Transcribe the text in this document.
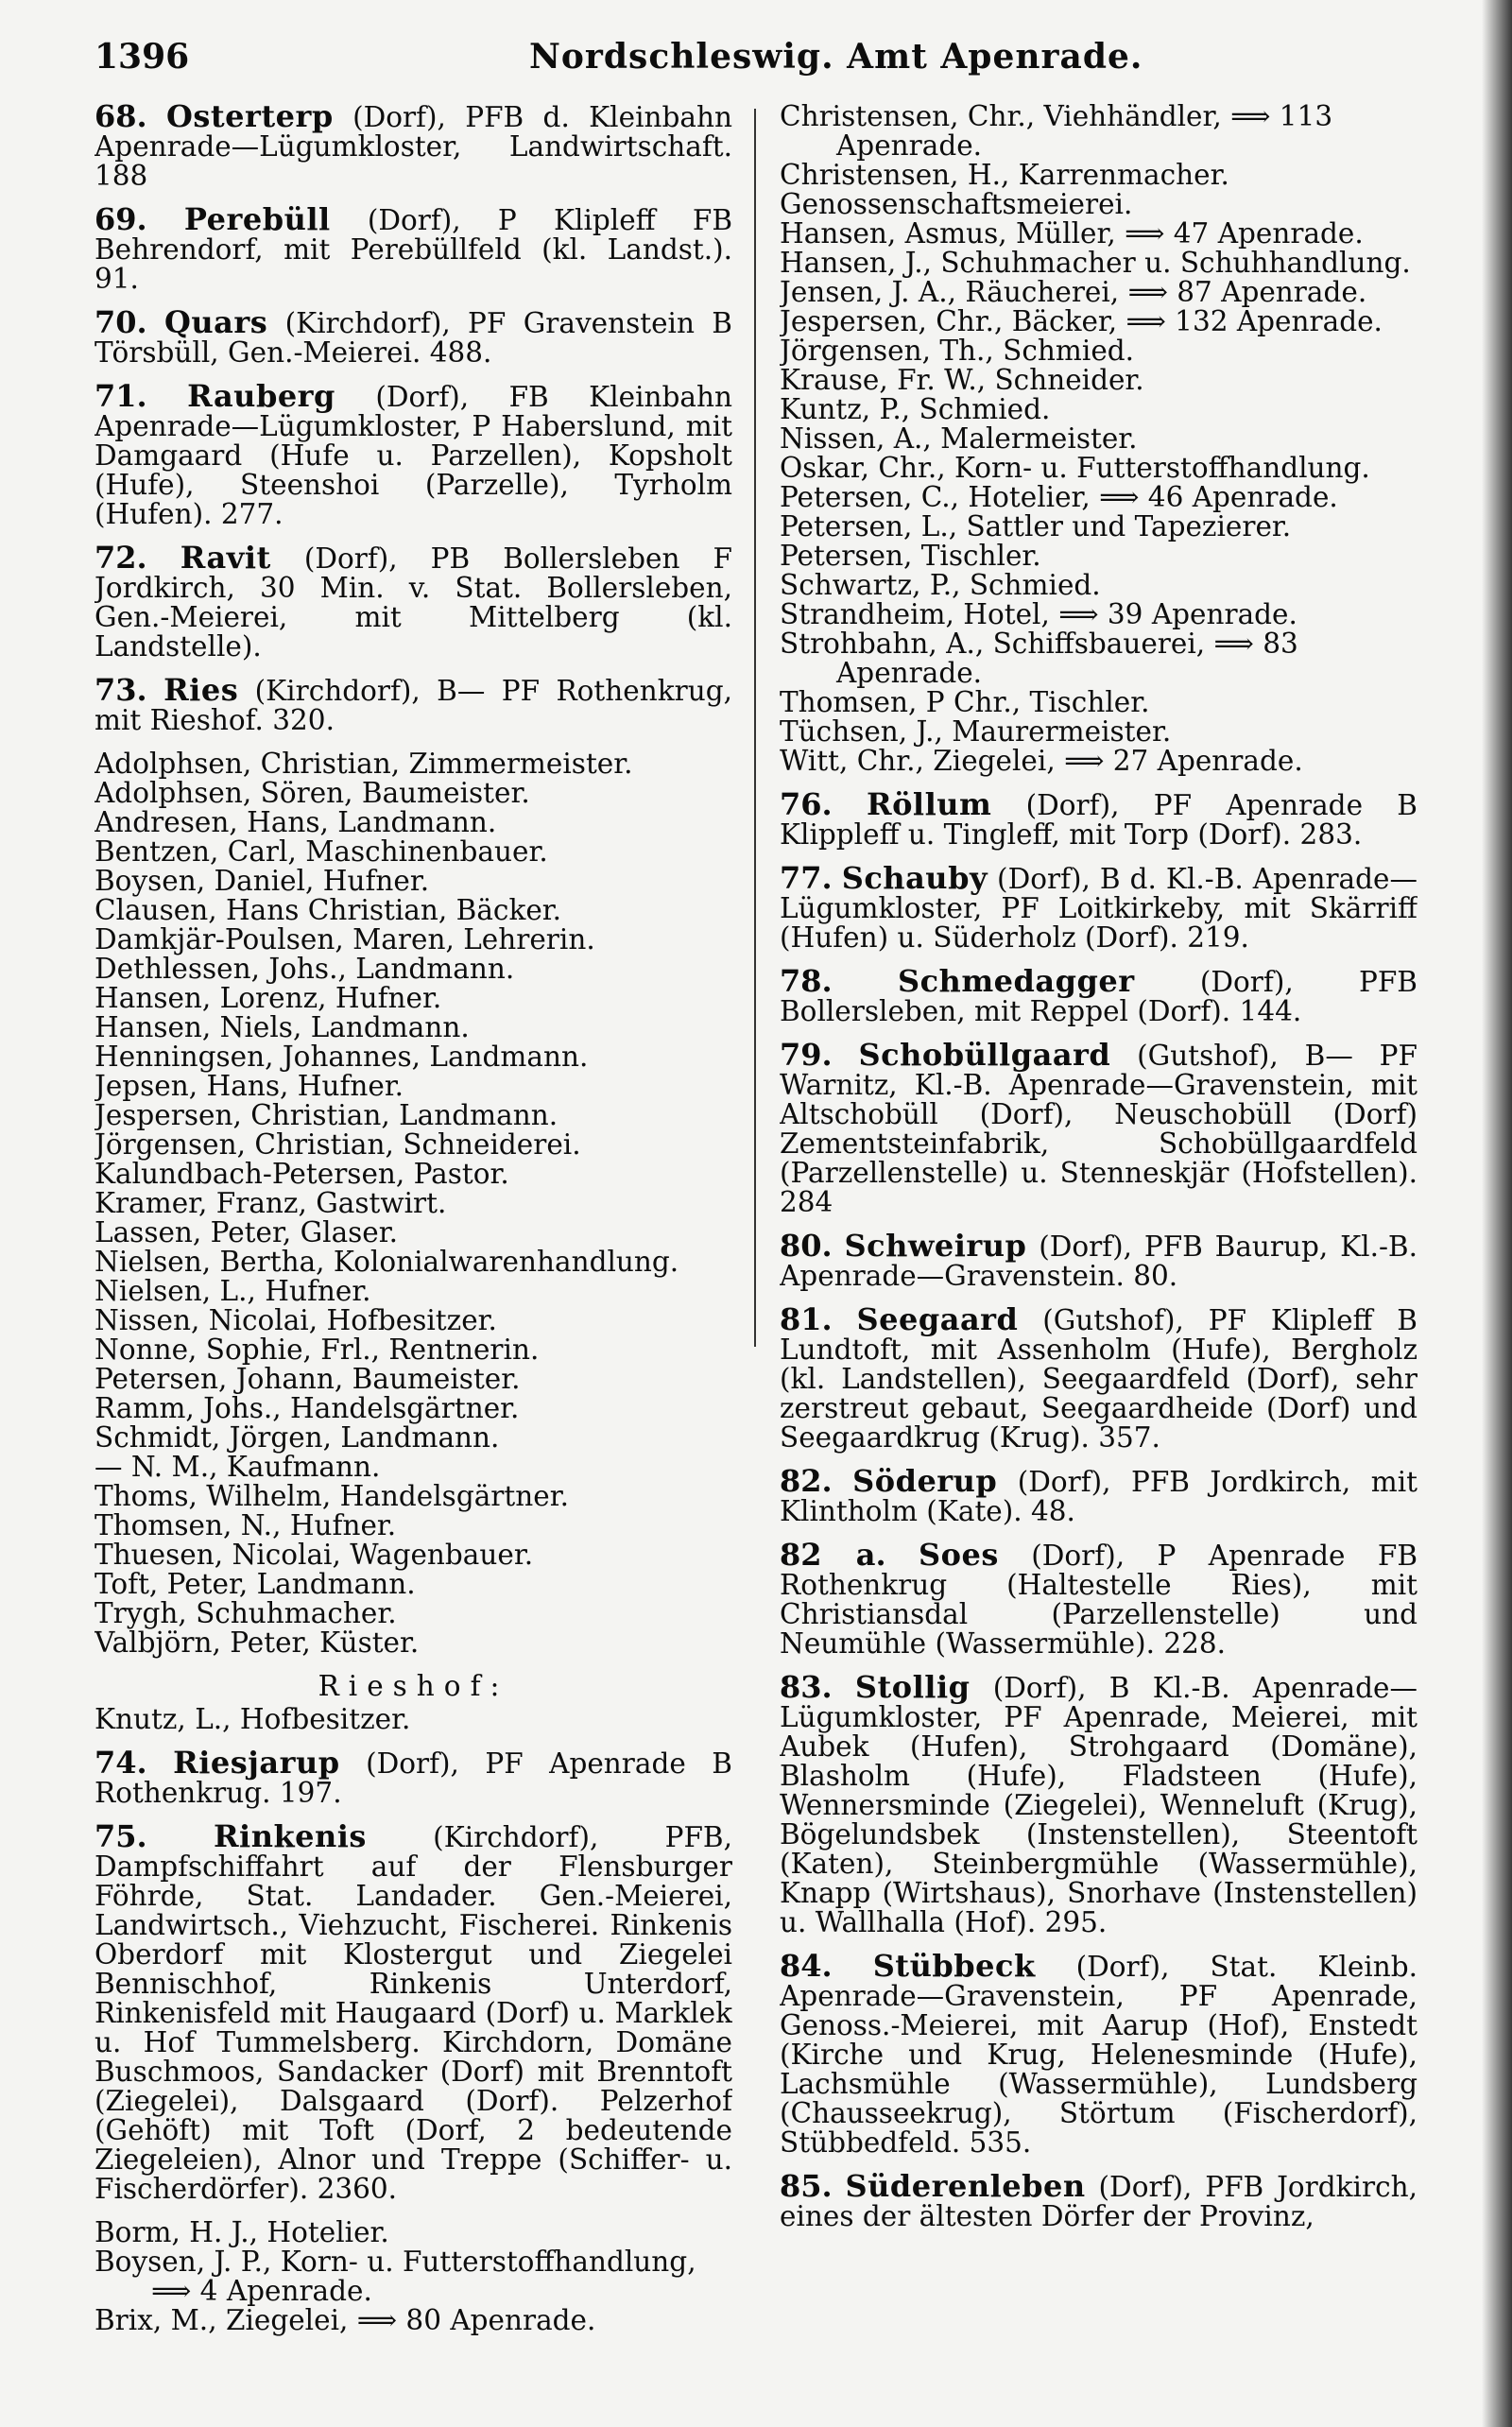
1396	Nordschleswig. Amt Apenrade.

68. Osterterp (Dorf), PFB d. Kleinbahn Apenrade—Lügumkloster, Landwirtschaft. 188

69. Perebüll (Dorf), P Klipleff FB Behrendorf, mit Perebüllfeld (kl. Landst.). 91.

70. Quars (Kirchdorf), PF Gravenstein B Törsbüll, Gen.-Meierei. 488.

71. Rauberg (Dorf), FB Kleinbahn Apenrade—Lügumkloster, P Haberslund, mit Damgaard (Hufe u. Parzellen), Kopsholt (Hufe), Steenshoi (Parzelle), Tyrholm (Hufen). 277.

72. Ravit (Dorf), PB Bollersleben F Jordkirch, 30 Min. v. Stat. Bollersleben, Gen.-Meierei, mit Mittelberg (kl. Landstelle).

73. Ries (Kirchdorf), B— PF Rothenkrug, mit Rieshof. 320.

Adolphsen, Christian, Zimmermeister.
Adolphsen, Sören, Baumeister.
Andresen, Hans, Landmann.
Bentzen, Carl, Maschinenbauer.
Boysen, Daniel, Hufner.
Clausen, Hans Christian, Bäcker.
Damkjär-Poulsen, Maren, Lehrerin.
Dethlessen, Johs., Landmann.
Hansen, Lorenz, Hufner.
Hansen, Niels, Landmann.
Henningsen, Johannes, Landmann.
Jepsen, Hans, Hufner.
Jespersen, Christian, Landmann.
Jörgensen, Christian, Schneiderei.
Kalundbach-Petersen, Pastor.
Kramer, Franz, Gastwirt.
Lassen, Peter, Glaser.
Nielsen, Bertha, Kolonialwarenhandlung.
Nielsen, L., Hufner.
Nissen, Nicolai, Hofbesitzer.
Nonne, Sophie, Frl., Rentnerin.
Petersen, Johann, Baumeister.
Ramm, Johs., Handelsgärtner.
Schmidt, Jörgen, Landmann.
— N. M., Kaufmann.
Thoms, Wilhelm, Handelsgärtner.
Thomsen, N., Hufner.
Thuesen, Nicolai, Wagenbauer.
Toft, Peter, Landmann.
Trygh, Schuhmacher.
Valbjörn, Peter, Küster.
Rieshof:
Knutz, L., Hofbesitzer.

74. Riesjarup (Dorf), PF Apenrade B Rothenkrug. 197.

75. Rinkenis (Kirchdorf), PFB, Dampfschiffahrt auf der Flensburger Föhrde, Stat. Landader. Gen.-Meierei, Landwirtsch., Viehzucht, Fischerei. Rinkenis Oberdorf mit Klostergut und Ziegelei Bennischhof, Rinkenis Unterdorf, Rinkenisfeld mit Haugaard (Dorf) u. Marklek u. Hof Tummelsberg. Kirchdorn, Domäne Buschmoos, Sandacker (Dorf) mit Brenntoft (Ziegelei), Dalsgaard (Dorf). Pelzerhof (Gehöft) mit Toft (Dorf, 2 bedeutende Ziegeleien), Alnor und Treppe (Schiffer- u. Fischerdörfer). 2360.

Borm, H. J., Hotelier.
Boysen, J. P., Korn- u. Futterstoffhandlung, ⟹ 4 Apenrade.
Brix, M., Ziegelei, ⟹ 80 Apenrade.
Christensen, Chr., Viehhändler, ⟹ 113 Apenrade.
Christensen, H., Karrenmacher.
Genossenschaftsmeierei.
Hansen, Asmus, Müller, ⟹ 47 Apenrade.
Hansen, J., Schuhmacher u. Schuhhandlung.
Jensen, J. A., Räucherei, ⟹ 87 Apenrade.
Jespersen, Chr., Bäcker, ⟹ 132 Apenrade.
Jörgensen, Th., Schmied.
Krause, Fr. W., Schneider.
Kuntz, P., Schmied.
Nissen, A., Malermeister.
Oskar, Chr., Korn- u. Futterstoffhandlung.
Petersen, C., Hotelier, ⟹ 46 Apenrade.
Petersen, L., Sattler und Tapezierer.
Petersen, Tischler.
Schwartz, P., Schmied.
Strandheim, Hotel, ⟹ 39 Apenrade.
Strohbahn, A., Schiffsbauerei, ⟹ 83 Apenrade.
Thomsen, P Chr., Tischler.
Tüchsen, J., Maurermeister.
Witt, Chr., Ziegelei, ⟹ 27 Apenrade.

76. Röllum (Dorf), PF Apenrade B Klippleff u. Tingleff, mit Torp (Dorf). 283.

77. Schauby (Dorf), B d. Kl.-B. Apenrade—Lügumkloster, PF Loitkirkeby, mit Skärriff (Hufen) u. Süderholz (Dorf). 219.

78. Schmedagger (Dorf), PFB Bollersleben, mit Reppel (Dorf). 144.

79. Schobüllgaard (Gutshof), B— PF Warnitz, Kl.-B. Apenrade—Gravenstein, mit Altschobüll (Dorf), Neuschobüll (Dorf) Zementsteinfabrik, Schobüllgaardfeld (Parzellenstelle) u. Stenneskjär (Hofstellen). 284

80. Schweirup (Dorf), PFB Baurup, Kl.-B. Apenrade—Gravenstein. 80.

81. Seegaard (Gutshof), PF Klipleff B Lundtoft, mit Assenholm (Hufe), Bergholz (kl. Landstellen), Seegaardfeld (Dorf), sehr zerstreut gebaut, Seegaardheide (Dorf) und Seegaardkrug (Krug). 357.

82. Söderup (Dorf), PFB Jordkirch, mit Klintholm (Kate). 48.

82 a. Soes (Dorf), P Apenrade FB Rothenkrug (Haltestelle Ries), mit Christiansdal (Parzellenstelle) und Neumühle (Wassermühle). 228.

83. Stollig (Dorf), B Kl.-B. Apenrade—Lügumkloster, PF Apenrade, Meierei, mit Aubek (Hufen), Strohgaard (Domäne), Blasholm (Hufe), Fladsteen (Hufe), Wennersminde (Ziegelei), Wenneluft (Krug), Bögelundsbek (Instenstellen), Steentoft (Katen), Steinbergmühle (Wassermühle), Knapp (Wirtshaus), Snorhave (Instenstellen) u. Wallhalla (Hof). 295.

84. Stübbeck (Dorf), Stat. Kleinb. Apenrade—Gravenstein, PF Apenrade, Genoss.-Meierei, mit Aarup (Hof), Enstedt (Kirche und Krug, Helenesminde (Hufe), Lachsmühle (Wassermühle), Lundsberg (Chausseekrug), Störtum (Fischerdorf), Stübbedfeld. 535.

85. Süderenleben (Dorf), PFB Jordkirch, eines der ältesten Dörfer der Provinz,
